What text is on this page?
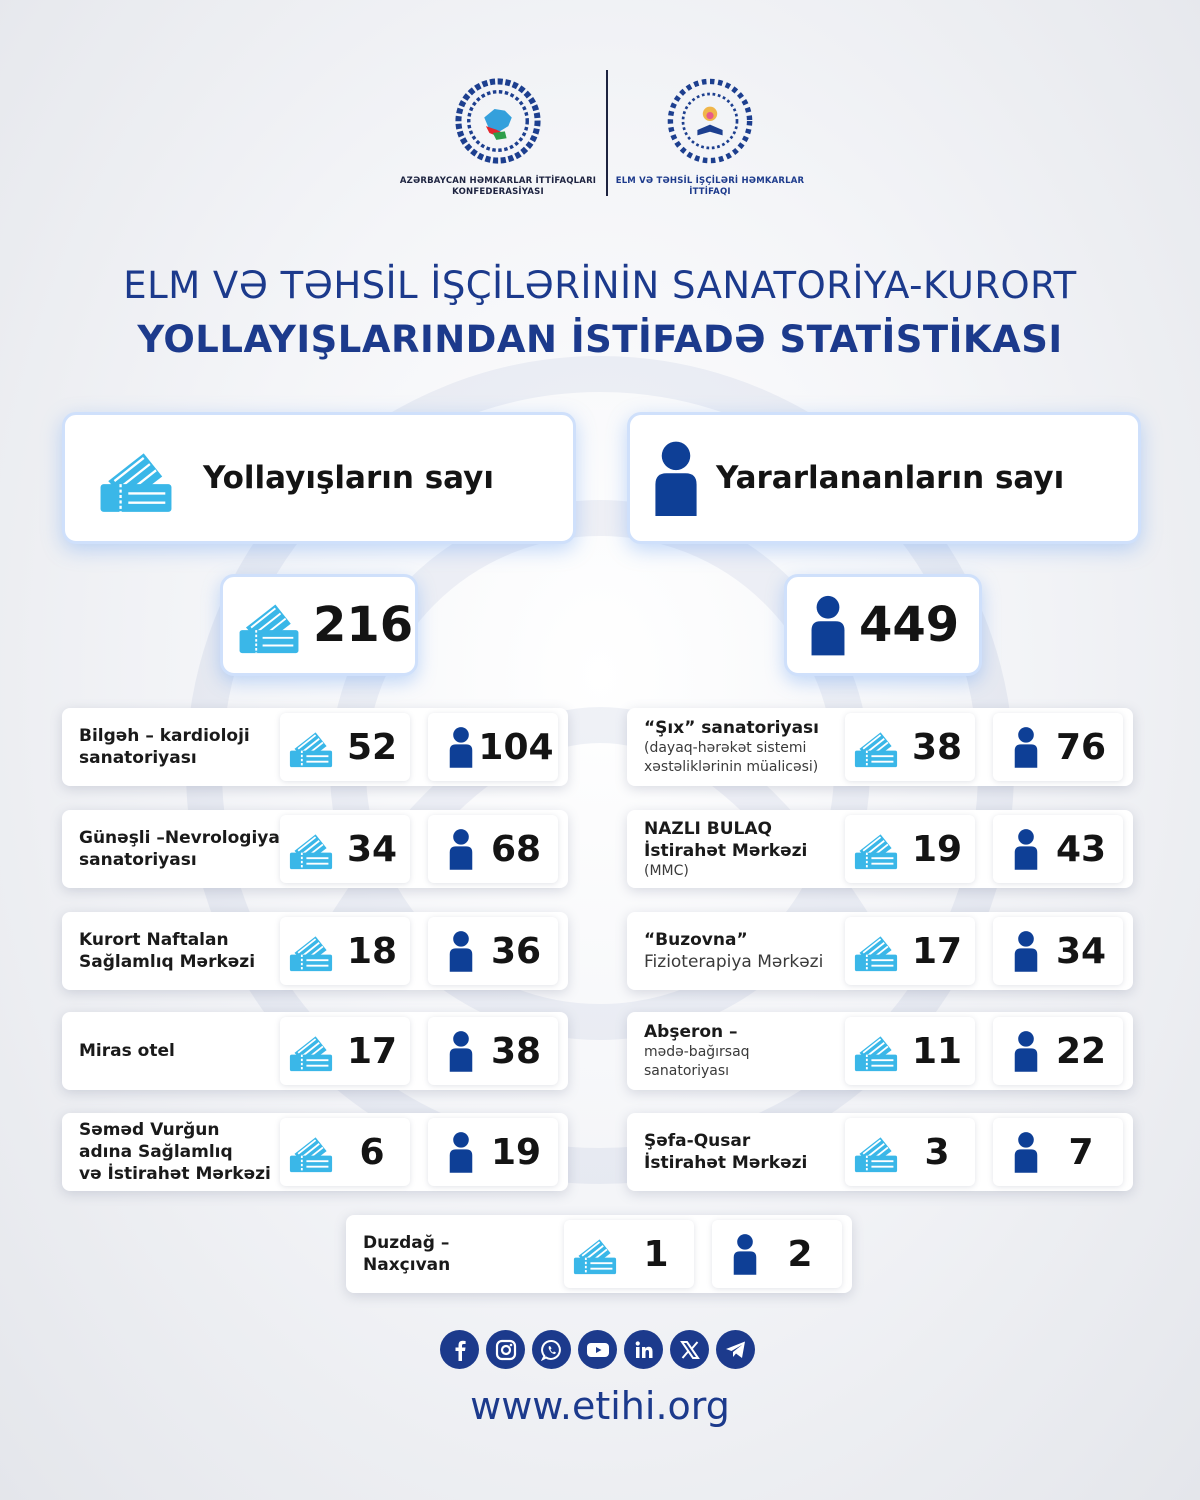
AZƏRBAYCAN HƏMKARLAR İTTİFAQLARI
KONFEDERASİYASI
ELM VƏ TƏHSİL İŞÇİLƏRİ HƏMKARLAR
İTTİFAQI
ELM VƏ TƏHSİL İŞÇİLƏRİNİN SANATORİYA-KURORT
YOLLAYIŞLARINDAN İSTİFADƏ STATİSTİKASI
Yollayışların sayı	Yararlananların sayı
216	449
Bilgəh – kardioloji
sanatoriyası	52	104
Günəşli –Nevrologiya
sanatoriyası	34	68
Kurort Naftalan
Sağlamlıq Mərkəzi	18	36
Miras otel	17	38
Səməd Vurğun
adına Sağlamlıq
və İstirahət Mərkəzi
6	19
“Şıx” sanatoriyası
(dayaq-hərəkət sistemi
xəstəliklərinin müalicəsi)	38	76
NAZLI BULAQ
İstirahət Mərkəzi
(MMC)
19	43
“Buzovna”
Fizioterapiya Mərkəzi	17	34
Abşeron –
mədə-bağırsaq
sanatoriyası	11	22
Şəfa-Qusar
İstirahət Mərkəzi	3	7
Duzdağ –
Naxçıvan	1	2
www.etihi.org
